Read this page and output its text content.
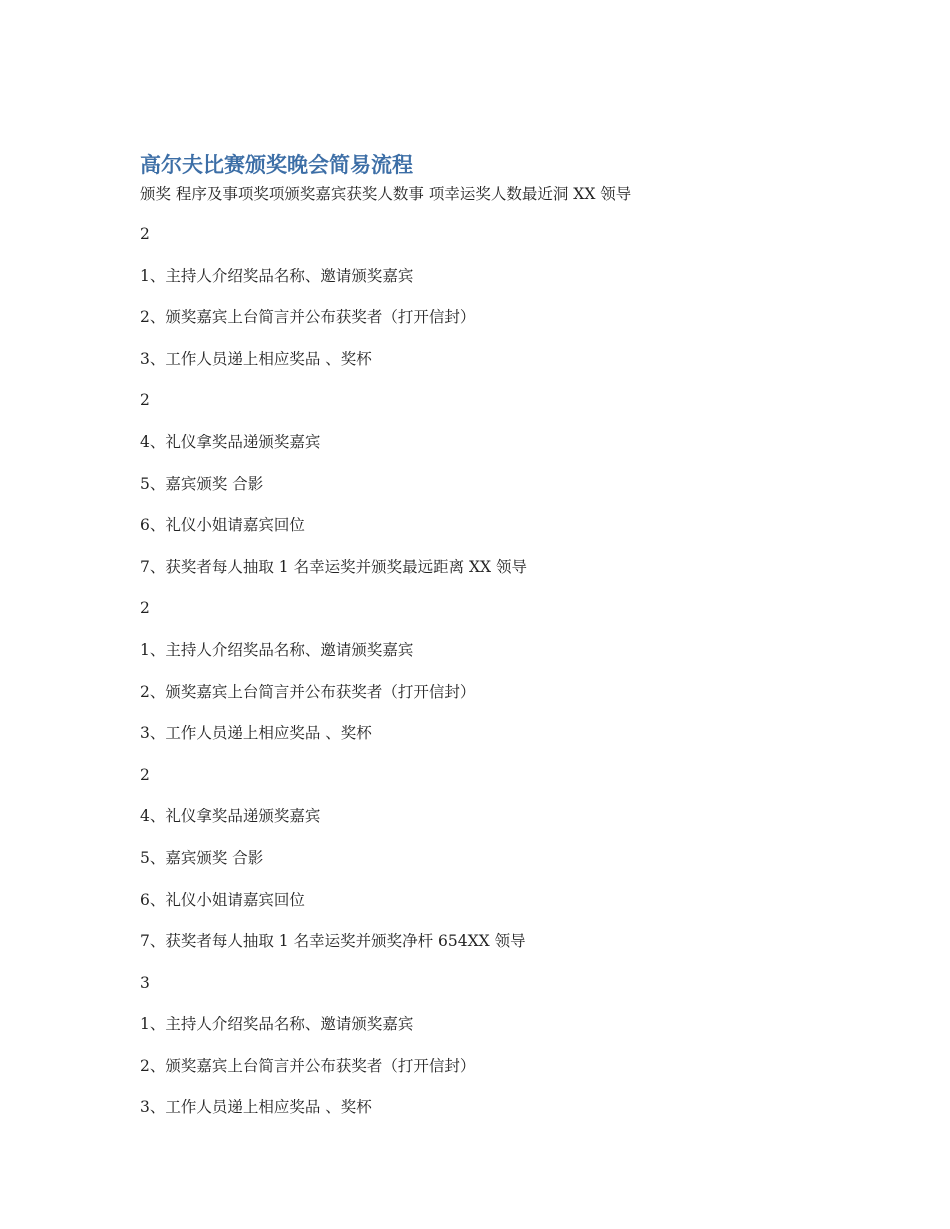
高尔夫比赛颁奖晚会简易流程
颁奖 程序及事项奖项颁奖嘉宾获奖人数事 项幸运奖人数最近洞 XX 领导
2
1、主持人介绍奖品名称、邀请颁奖嘉宾
2、颁奖嘉宾上台简言并公布获奖者（打开信封）
3、工作人员递上相应奖品 、奖杯
2
4、礼仪拿奖品递颁奖嘉宾
5、嘉宾颁奖 合影
6、礼仪小姐请嘉宾回位
7、获奖者每人抽取 1 名幸运奖并颁奖最远距离 XX 领导
2
1、主持人介绍奖品名称、邀请颁奖嘉宾
2、颁奖嘉宾上台简言并公布获奖者（打开信封）
3、工作人员递上相应奖品 、奖杯
2
4、礼仪拿奖品递颁奖嘉宾
5、嘉宾颁奖 合影
6、礼仪小姐请嘉宾回位
7、获奖者每人抽取 1 名幸运奖并颁奖净杆 654XX 领导
3
1、主持人介绍奖品名称、邀请颁奖嘉宾
2、颁奖嘉宾上台简言并公布获奖者（打开信封）
3、工作人员递上相应奖品 、奖杯
